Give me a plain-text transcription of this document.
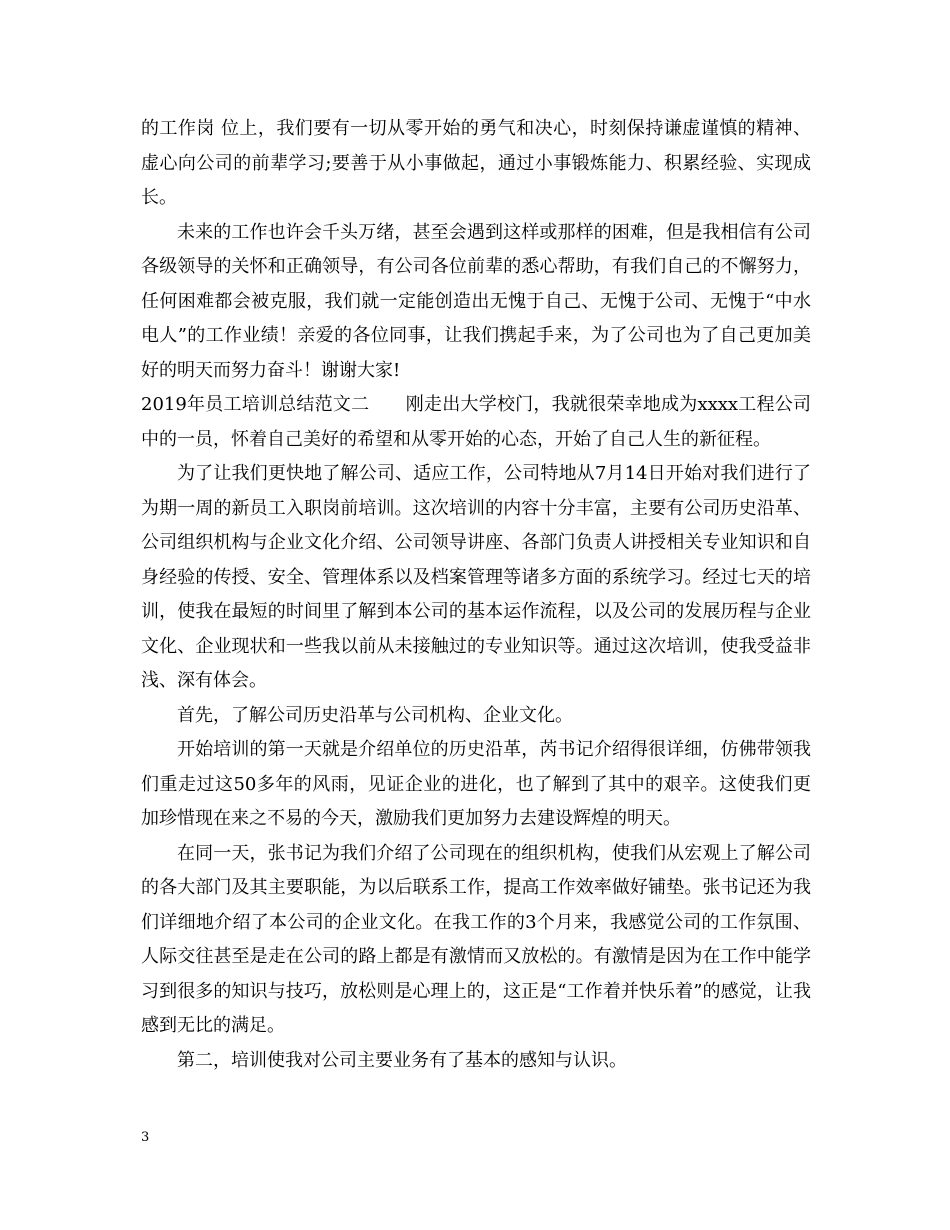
的工作岗 位上，我们要有一切从零开始的勇气和决心，时刻保持谦虚谨慎的精神、虚心向公司的前辈学习;要善于从小事做起，通过小事锻炼能力、积累经验、实现成长。

未来的工作也许会千头万绪，甚至会遇到这样或那样的困难，但是我相信有公司各级领导的关怀和正确领导，有公司各位前辈的悉心帮助，有我们自己的不懈努力，任何困难都会被克服，我们就一定能创造出无愧于自己、无愧于公司、无愧于“中水电人”的工作业绩！亲爱的各位同事，让我们携起手来，为了公司也为了自己更加美好的明天而努力奋斗！谢谢大家!

2019年员工培训总结范文二　　刚走出大学校门，我就很荣幸地成为xxxx工程公司中的一员，怀着自己美好的希望和从零开始的心态，开始了自己人生的新征程。

为了让我们更快地了解公司、适应工作，公司特地从7月14日开始对我们进行了为期一周的新员工入职岗前培训。这次培训的内容十分丰富，主要有公司历史沿革、公司组织机构与企业文化介绍、公司领导讲座、各部门负责人讲授相关专业知识和自身经验的传授、安全、管理体系以及档案管理等诸多方面的系统学习。经过七天的培训，使我在最短的时间里了解到本公司的基本运作流程，以及公司的发展历程与企业文化、企业现状和一些我以前从未接触过的专业知识等。通过这次培训，使我受益非浅、深有体会。

首先，了解公司历史沿革与公司机构、企业文化。

开始培训的第一天就是介绍单位的历史沿革，芮书记介绍得很详细，仿佛带领我们重走过这50多年的风雨，见证企业的进化，也了解到了其中的艰辛。这使我们更加珍惜现在来之不易的今天，激励我们更加努力去建设辉煌的明天。

在同一天，张书记为我们介绍了公司现在的组织机构，使我们从宏观上了解公司的各大部门及其主要职能，为以后联系工作，提高工作效率做好铺垫。张书记还为我们详细地介绍了本公司的企业文化。在我工作的3个月来，我感觉公司的工作氛围、人际交往甚至是走在公司的路上都是有激情而又放松的。有激情是因为在工作中能学习到很多的知识与技巧，放松则是心理上的，这正是“工作着并快乐着”的感觉，让我感到无比的满足。

第二，培训使我对公司主要业务有了基本的感知与认识。

3
